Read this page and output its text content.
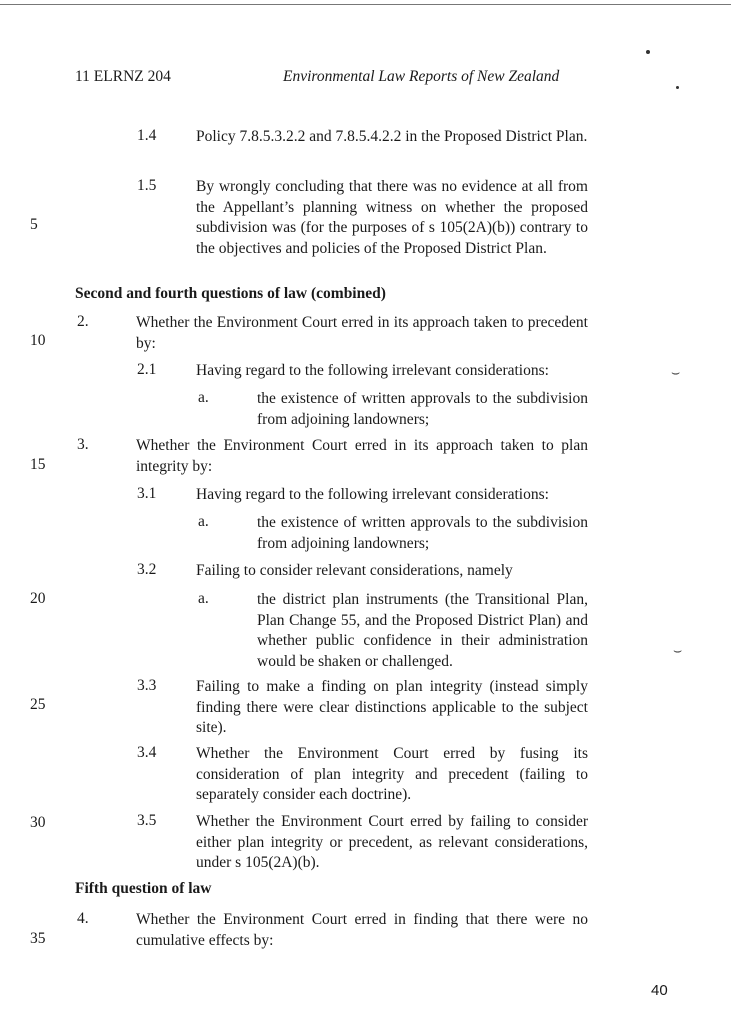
11 ELRNZ 204	Environmental Law Reports of New Zealand
5
10
15
20
25
30
35
1.4	Policy 7.8.5.3.2.2 and 7.8.5.4.2.2 in the Proposed District Plan.
1.5	By wrongly concluding that there was no evidence at all from the Appellant’s planning witness on whether the proposed subdivision was (for the purposes of s 105(2A)(b)) contrary to the objectives and policies of the Proposed District Plan.
Second and fourth questions of law (combined)
2.	Whether the Environment Court erred in its approach taken to precedent by:
2.1	Having regard to the following irrelevant considerations:
a.	the existence of written approvals to the subdivision from adjoining landowners;
3.	Whether the Environment Court erred in its approach taken to plan integrity by:
3.1	Having regard to the following irrelevant considerations:
a.	the existence of written approvals to the subdivision from adjoining landowners;
3.2	Failing to consider relevant considerations, namely
a.	the district plan instruments (the Transitional Plan, Plan Change 55, and the Proposed District Plan) and whether public confidence in their administration would be shaken or challenged.
3.3	Failing to make a finding on plan integrity (instead simply finding there were clear distinctions applicable to the subject site).
3.4	Whether the Environment Court erred by fusing its consideration of plan integrity and precedent (failing to separately consider each doctrine).
3.5	Whether the Environment Court erred by failing to consider either plan integrity or precedent, as relevant considerations, under s 105(2A)(b).
Fifth question of law
4.	Whether the Environment Court erred in finding that there were no cumulative effects by:
40
⌣
⌣
